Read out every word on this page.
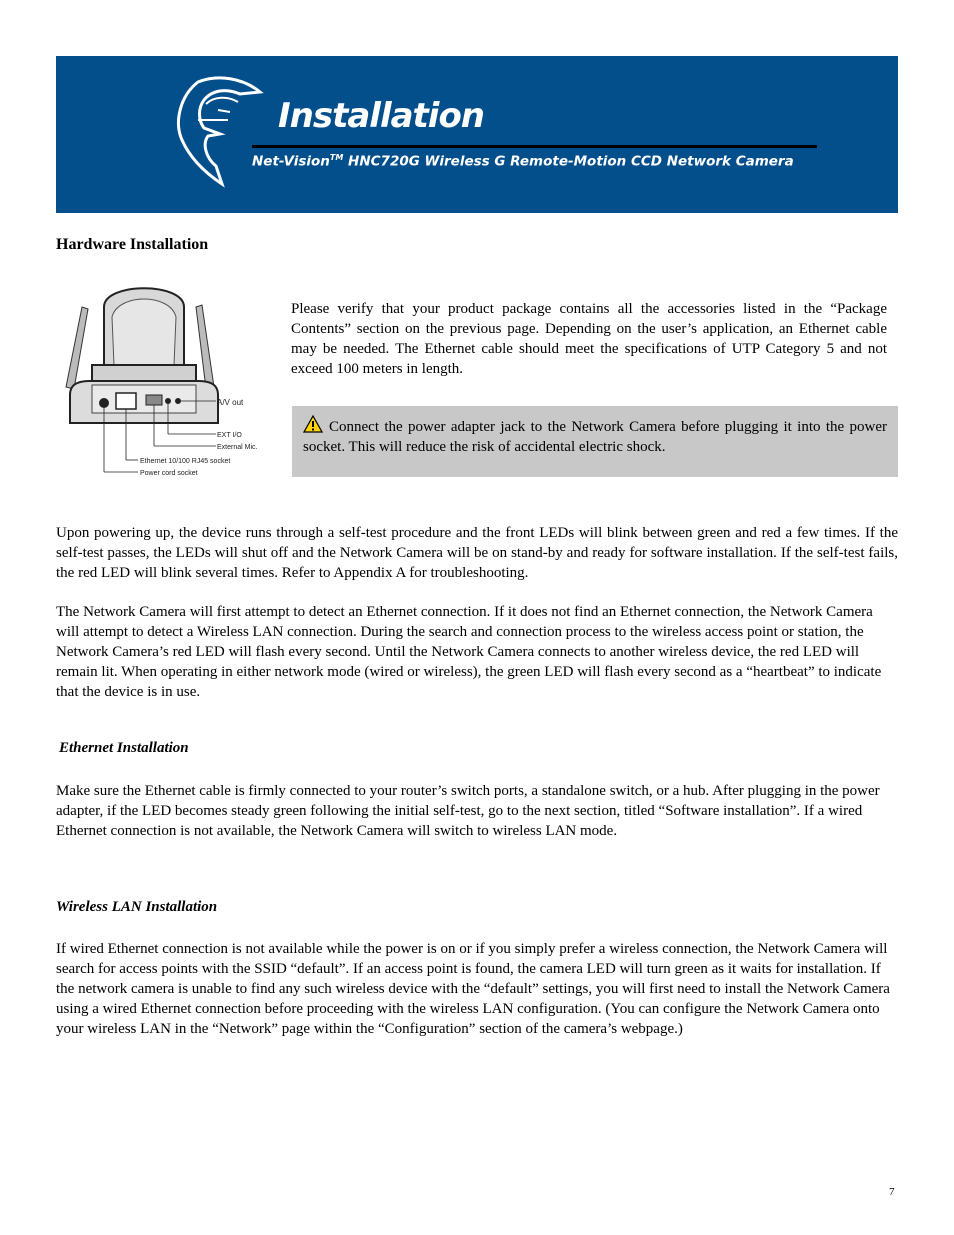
Installation
Net-Vision™ HNC720G Wireless G Remote-Motion CCD Network Camera
Hardware Installation
A/V out
EXT I/O
External Mic.
Ethernet 10/100 RJ45 socket
Power cord socket

Please verify that your product package contains all the accessories listed in the “Package Contents” section on the previous page. Depending on the user’s application, an Ethernet cable may be needed. The Ethernet cable should meet the specifications of UTP Category 5 and not exceed 100 meters in length.

Connect the power adapter jack to the Network Camera before plugging it into the power socket. This will reduce the risk of accidental electric shock.

Upon powering up, the device runs through a self-test procedure and the front LEDs will blink between green and red a few times. If the self-test passes, the LEDs will shut off and the Network Camera will be on stand-by and ready for software installation. If the self-test fails, the red LED will blink several times. Refer to Appendix A for troubleshooting.

The Network Camera will first attempt to detect an Ethernet connection. If it does not find an Ethernet connection, the Network Camera will attempt to detect a Wireless LAN connection. During the search and connection process to the wireless access point or station, the Network Camera’s red LED will flash every second. Until the Network Camera connects to another wireless device, the red LED will remain lit. When operating in either network mode (wired or wireless), the green LED will flash every second as a “heartbeat” to indicate that the device is in use.

Ethernet Installation

Make sure the Ethernet cable is firmly connected to your router’s switch ports, a standalone switch, or a hub. After plugging in the power adapter, if the LED becomes steady green following the initial self-test, go to the next section, titled “Software installation”. If a wired Ethernet connection is not available, the Network Camera will switch to wireless LAN mode.

Wireless LAN Installation

If wired Ethernet connection is not available while the power is on or if you simply prefer a wireless connection, the Network Camera will search for access points with the SSID “default”. If an access point is found, the camera LED will turn green as it waits for installation. If the network camera is unable to find any such wireless device with the “default” settings, you will first need to install the Network Camera using a wired Ethernet connection before proceeding with the wireless LAN configuration. (You can configure the Network Camera onto your wireless LAN in the “Network” page within the “Configuration” section of the camera’s webpage.)

7
